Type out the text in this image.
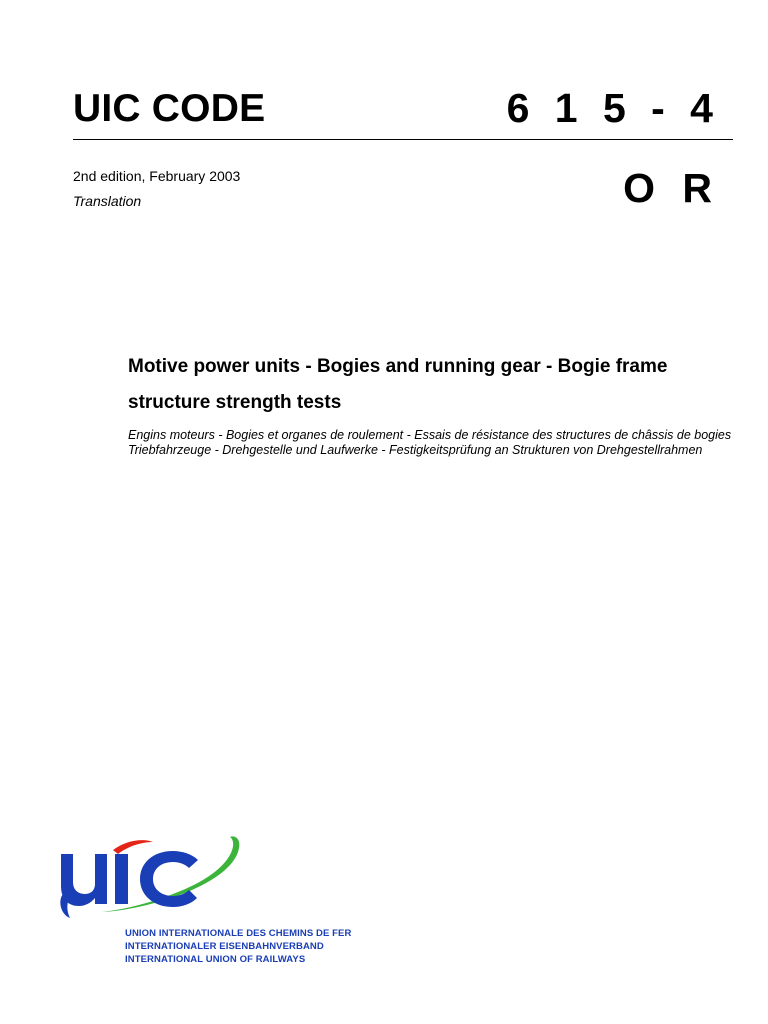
UIC CODE	6 1 5 - 4
2nd edition, February 2003
Translation	O R
Motive power units - Bogies and running gear - Bogie frame structure strength tests
Engins moteurs - Bogies et organes de roulement - Essais de résistance des structures de châssis de bogies
Triebfahrzeuge - Drehgestelle und Laufwerke - Festigkeitsprüfung an Strukturen von Drehgestellrahmen
UNION INTERNATIONALE DES CHEMINS DE FER
INTERNATIONALER EISENBAHNVERBAND
INTERNATIONAL UNION OF RAILWAYS
